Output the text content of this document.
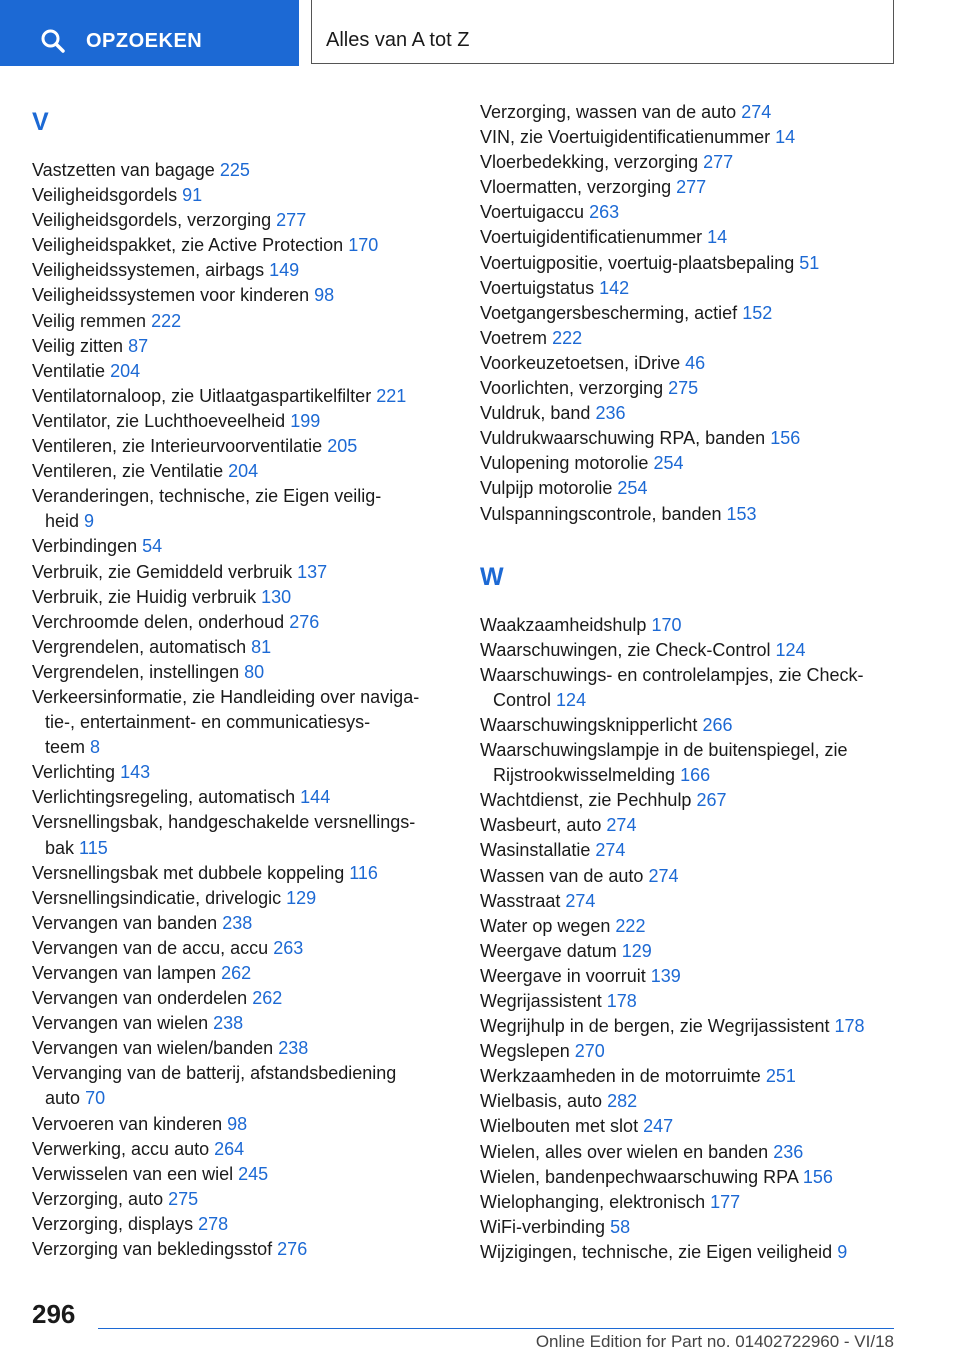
OPZOEKEN	Alles van A tot Z
V
Vastzetten van bagage 225
Veiligheidsgordels 91
Veiligheidsgordels, verzorging 277
Veiligheidspakket, zie Active Protection 170
Veiligheidssystemen, airbags 149
Veiligheidssystemen voor kinderen 98
Veilig remmen 222
Veilig zitten 87
Ventilatie 204
Ventilatornaloop, zie Uitlaatgaspartikelfilter 221
Ventilator, zie Luchthoeveelheid 199
Ventileren, zie Interieurvoorventilatie 205
Ventileren, zie Ventilatie 204
Veranderingen, technische, zie Eigen veilig-
heid 9
Verbindingen 54
Verbruik, zie Gemiddeld verbruik 137
Verbruik, zie Huidig verbruik 130
Verchroomde delen, onderhoud 276
Vergrendelen, automatisch 81
Vergrendelen, instellingen 80
Verkeersinformatie, zie Handleiding over naviga-
tie-, entertainment- en communicatiesys-
teem 8
Verlichting 143
Verlichtingsregeling, automatisch 144
Versnellingsbak, handgeschakelde versnellings-
bak 115
Versnellingsbak met dubbele koppeling 116
Versnellingsindicatie, drivelogic 129
Vervangen van banden 238
Vervangen van de accu, accu 263
Vervangen van lampen 262
Vervangen van onderdelen 262
Vervangen van wielen 238
Vervangen van wielen/banden 238
Vervanging van de batterij, afstandsbediening
auto 70
Vervoeren van kinderen 98
Verwerking, accu auto 264
Verwisselen van een wiel 245
Verzorging, auto 275
Verzorging, displays 278
Verzorging van bekledingsstof 276
Verzorging, wassen van de auto 274
VIN, zie Voertuigidentificatienummer 14
Vloerbedekking, verzorging 277
Vloermatten, verzorging 277
Voertuigaccu 263
Voertuigidentificatienummer 14
Voertuigpositie, voertuig-plaatsbepaling 51
Voertuigstatus 142
Voetgangersbescherming, actief 152
Voetrem 222
Voorkeuzetoetsen, iDrive 46
Voorlichten, verzorging 275
Vuldruk, band 236
Vuldrukwaarschuwing RPA, banden 156
Vulopening motorolie 254
Vulpijp motorolie 254
Vulspanningscontrole, banden 153
W
Waakzaamheidshulp 170
Waarschuwingen, zie Check-Control 124
Waarschuwings- en controlelampjes, zie Check-
Control 124
Waarschuwingsknipperlicht 266
Waarschuwingslampje in de buitenspiegel, zie
Rijstrookwisselmelding 166
Wachtdienst, zie Pechhulp 267
Wasbeurt, auto 274
Wasinstallatie 274
Wassen van de auto 274
Wasstraat 274
Water op wegen 222
Weergave datum 129
Weergave in voorruit 139
Wegrijassistent 178
Wegrijhulp in de bergen, zie Wegrijassistent 178
Wegslepen 270
Werkzaamheden in de motorruimte 251
Wielbasis, auto 282
Wielbouten met slot 247
Wielen, alles over wielen en banden 236
Wielen, bandenpechwaarschuwing RPA 156
Wielophanging, elektronisch 177
WiFi-verbinding 58
Wijzigingen, technische, zie Eigen veiligheid 9
296
Online Edition for Part no. 01402722960 - VI/18
